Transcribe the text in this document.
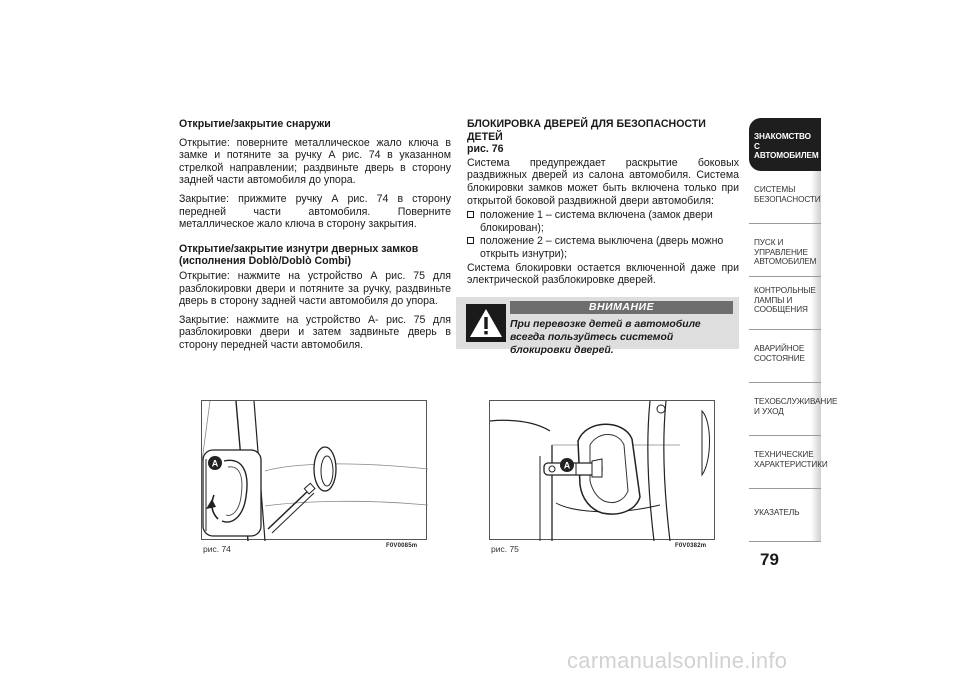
Открытие/закрытие снаружи

Открытие: поверните металлическое жало ключа в замке и потяните за ручку А рис. 74 в указанном стрелкой направлении; раздвиньте дверь в сторону задней части автомобиля до упора.

Закрытие: прижмите ручку А рис. 74 в сторону передней части автомобиля. Поверните металлическое жало ключа в сторону закрытия.

Открытие/закрытие изнутри дверных замков
(исполнения Doblò/Doblò Combi)

Открытие: нажмите на устройство А рис. 75 для разблокировки двери и потяните за ручку, раздвиньте дверь в сторону задней части автомобиля до упора.

Закрытие: нажмите на устройство А- рис. 75 для разблокировки двери и затем задвиньте дверь в сторону передней части автомобиля.

БЛОКИРОВКА ДВЕРЕЙ ДЛЯ БЕЗОПАСНОСТИ ДЕТЕЙ
рис. 76

Система предупреждает раскрытие боковых раздвижных дверей из салона автомобиля. Система блокировки замков может быть включена только при открытой боковой раздвижной двери автомобиля:

положение 1 – система включена (замок двери блокирован);
положение 2 – система выключена (дверь можно открыть изнутри);

Система блокировки остается включенной даже при электрической разблокировке дверей.

ВНИМАНИЕ
При перевозке детей в автомобиле всегда пользуйтесь системой блокировки дверей.
A
рис. 74	F0V0085m
A
рис. 75	F0V0382m
ЗНАКОМСТВО С АВТОМОБИЛЕМ
СИСТЕМЫ БЕЗОПАСНОСТИ
ПУСК И УПРАВЛЕНИЕ АВТОМОБИЛЕМ
КОНТРОЛЬНЫЕ ЛАМПЫ И СООБЩЕНИЯ
АВАРИЙНОЕ СОСТОЯНИЕ
ТЕХОБСЛУЖИВАНИЕ И УХОД
ТЕХНИЧЕСКИЕ ХАРАКТЕРИСТИКИ
УКАЗАТЕЛЬ
79
carmanualsonline.info
